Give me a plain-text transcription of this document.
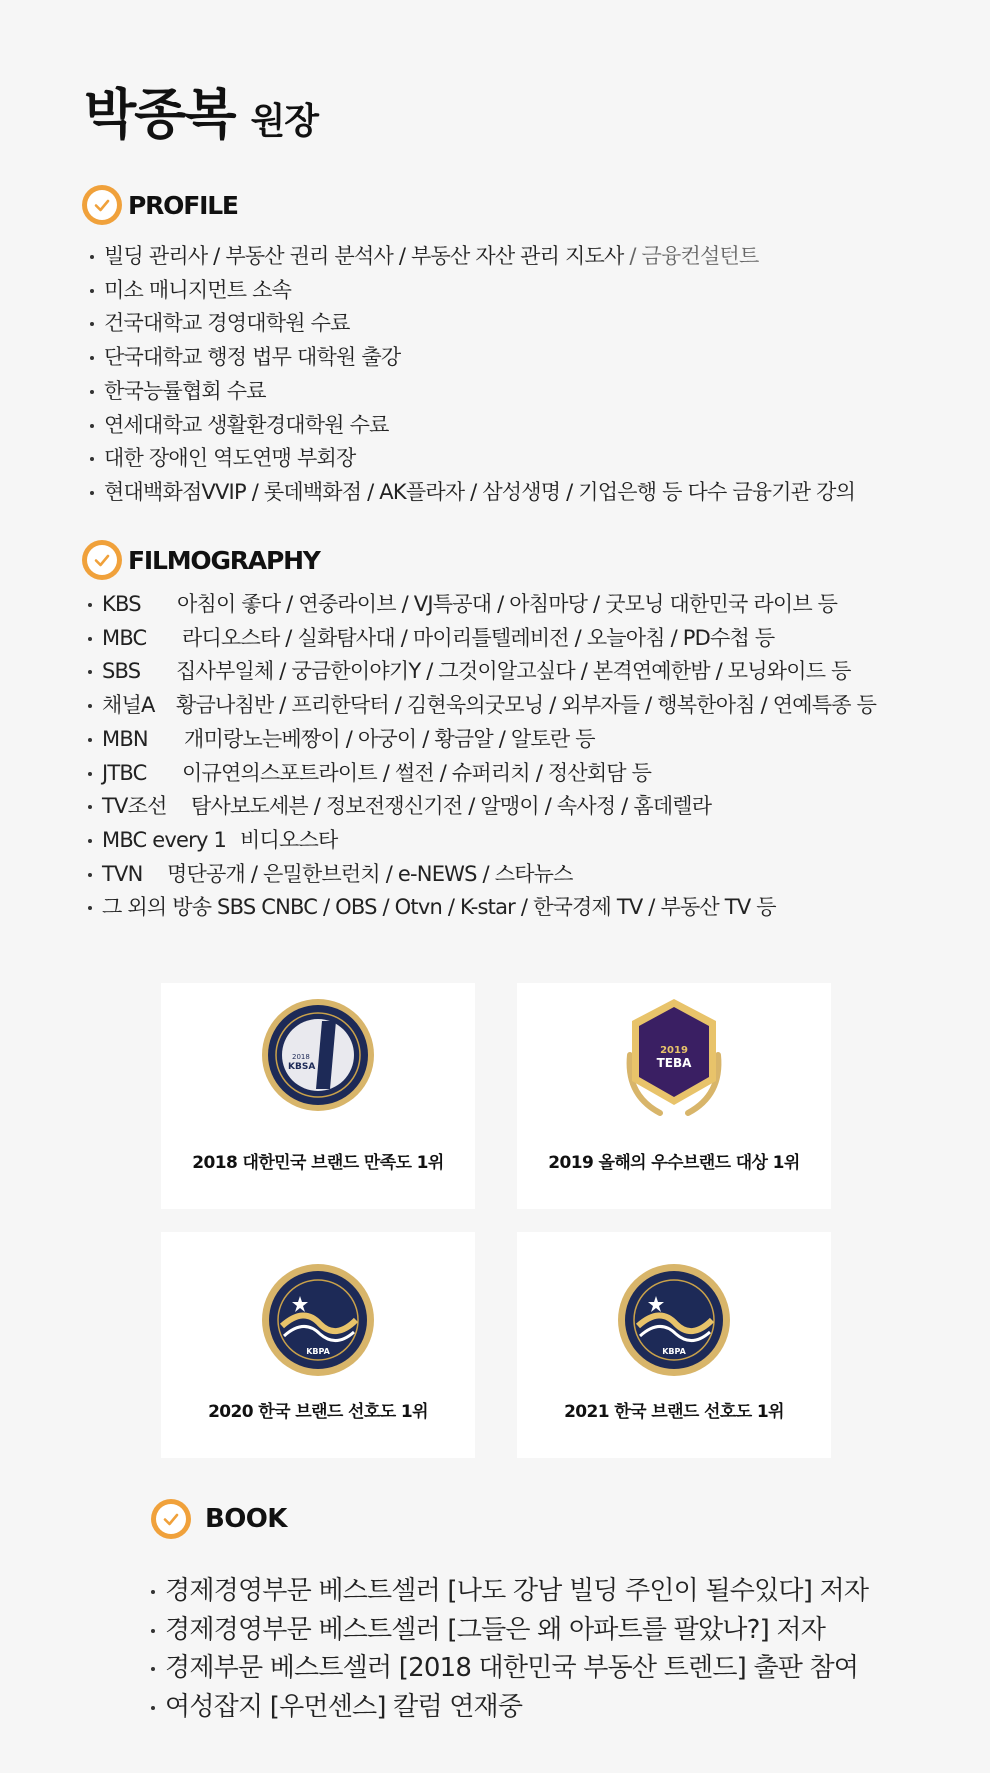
박종복 원장
PROFILE
빌딩 관리사 / 부동산 권리 분석사 / 부동산 자산 관리 지도사 / 금융컨설턴트
미소 매니지먼트 소속
건국대학교 경영대학원 수료
단국대학교 행정 법무 대학원 출강
한국능률협회 수료
연세대학교 생활환경대학원 수료
대한 장애인 역도연맹 부회장
현대백화점VVIP / 롯데백화점 / AK플라자 / 삼성생명 / 기업은행 등 다수 금융기관 강의
FILMOGRAPHY
KBS 아침이 좋다 / 연중라이브 / VJ특공대 / 아침마당 / 굿모닝 대한민국 라이브 등
MBC 라디오스타 / 실화탐사대 / 마이리틀텔레비전 / 오늘아침 / PD수첩 등
SBS 집사부일체 / 궁금한이야기Y / 그것이알고싶다 / 본격연예한밤 / 모닝와이드 등
채널A 황금나침반 / 프리한닥터 / 김현욱의굿모닝 / 외부자들 / 행복한아침 / 연예특종 등
MBN 개미랑노는베짱이 / 아궁이 / 황금알 / 알토란 등
JTBC 이규연의스포트라이트 / 썰전 / 슈퍼리치 / 정산회담 등
TV조선 탐사보도세븐 / 정보전쟁신기전 / 알맹이 / 속사정 / 홈데렐라
MBC every 1 비디오스타
TVN 명단공개 / 은밀한브런치 / e-NEWS / 스타뉴스
그 외의 방송 SBS CNBC / OBS / Otvn / K-star / 한국경제 TV / 부동산 TV 등
2018
KBSA
2018 대한민국 브랜드 만족도 1위
2019
TEBA
2019 올해의 우수브랜드 대상 1위
KBPA
2020 한국 브랜드 선호도 1위
KBPA
2021 한국 브랜드 선호도 1위
BOOK
경제경영부문 베스트셀러 [나도 강남 빌딩 주인이 될수있다] 저자
경제경영부문 베스트셀러 [그들은 왜 아파트를 팔았나?] 저자
경제부문 베스트셀러 [2018 대한민국 부동산 트렌드] 출판 참여
여성잡지 [우먼센스] 칼럼 연재중
